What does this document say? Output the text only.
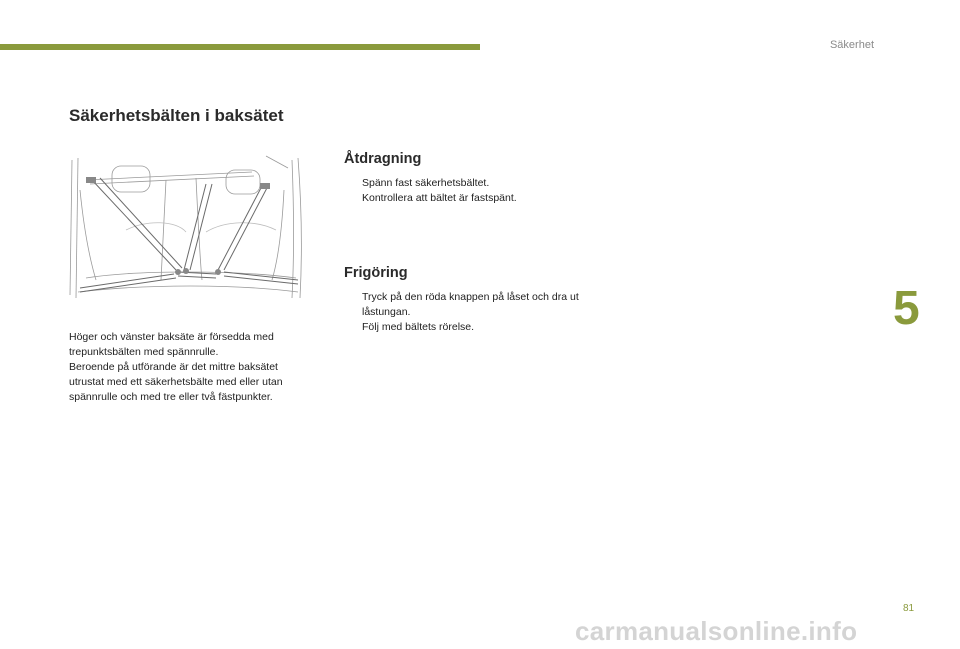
Säkerhet
Säkerhetsbälten i baksätet

Höger och vänster baksäte är försedda med

trepunktsbälten med spännrulle.

Beroende på utförande är det mittre baksätet

utrustat med ett säkerhetsbälte med eller utan

spännrulle och med tre eller två fästpunkter.

Åtdragning
Spänn fast säkerhetsbältet.
Kontrollera att bältet är fastspänt.
Frigöring
Tryck på den röda knappen på låset och dra ut låstungan.
Följ med bältets rörelse.	5
81
carmanualsonline.info
